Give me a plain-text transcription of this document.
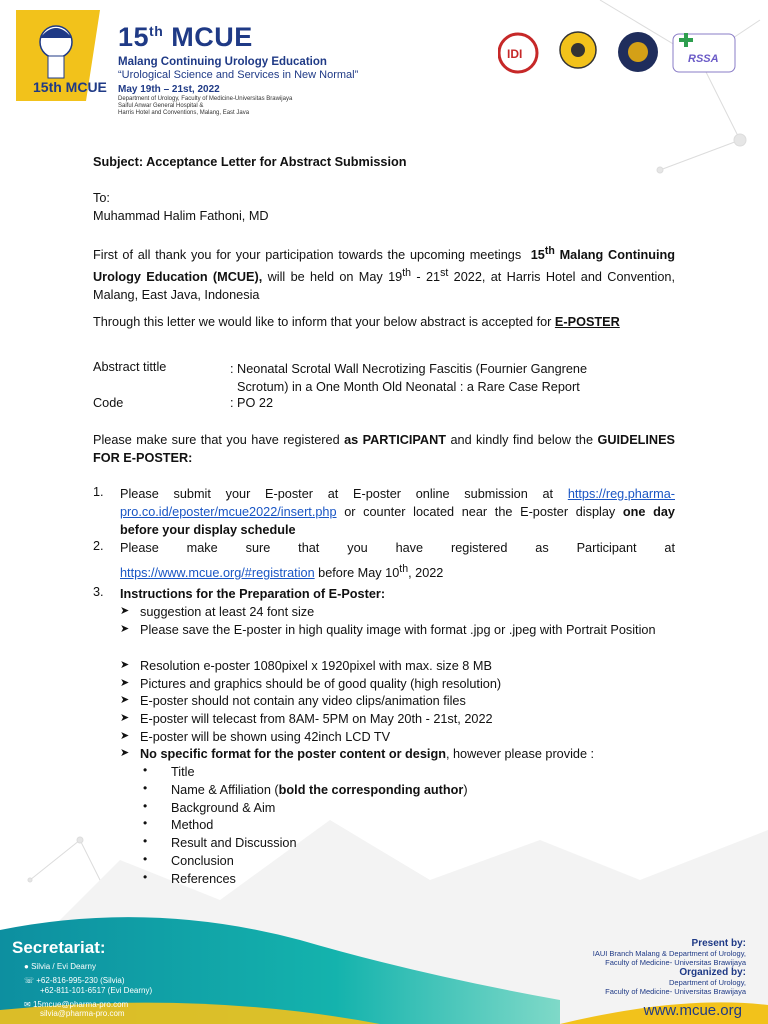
15th MCUE
15th MCUE
Malang Continuing Urology Education
“Urological Science and Services in New Normal”
May 19th – 21st, 2022
Department of Urology, Faculty of Medicine-Universitas Brawijaya
Saiful Anwar General Hospital &
Harris Hotel and Conventions, Malang, East Java
IDI	RSSA

Subject: Acceptance Letter for Abstract Submission

To:

Muhammad Halim Fathoni, MD

First of all thank you for your participation towards the upcoming meetings 15th Malang Continuing Urology Education (MCUE), will be held on May 19th - 21st 2022, at Harris Hotel and Convention, Malang, East Java, Indonesia

Through this letter we would like to inform that your below abstract is accepted for E-POSTER

Abstract tittle	: Neonatal Scrotal Wall Necrotizing Fascitis (Fournier Gangrene
Scrotum) in a One Month Old Neonatal : a Rare Case Report
Code	: PO 22

Please make sure that you have registered as PARTICIPANT and kindly find below the GUIDELINES FOR E-POSTER:

1. Please submit your E-poster at E-poster online submission at https://reg.pharma-pro.co.id/eposter/mcue2022/insert.php or counter located near the E-poster display one day before your display schedule
2. Please make sure that you have registered as Participant at
https://www.mcue.org/#registration before May 10th, 2022
3. Instructions for the Preparation of E-Poster:
➤ suggestion at least 24 font size
➤ Please save the E-poster in high quality image with format .jpg or .jpeg with Portrait Position
➤ Resolution e-poster 1080pixel x 1920pixel with max. size 8 MB
➤ Pictures and graphics should be of good quality (high resolution)
➤ E-poster should not contain any video clips/animation files
➤ E-poster will telecast from 8AM- 5PM on May 20th - 21st, 2022
➤ E-poster will be shown using 42inch LCD TV
➤ No specific format for the poster content or design, however please provide :
• Title
• Name & Affiliation (bold the corresponding author)
• Background & Aim
• Method
• Result and Discussion
• Conclusion
• References
Secretariat:
● Silvia / Evi Dearny
☏ +62-816-995-230 (Silvia)
+62-811-101-6517 (Evi Dearny)
✉ 15mcue@pharma-pro.com
silvia@pharma-pro.com
Present by:
IAUI Branch Malang & Department of Urology,
Faculty of Medicine- Universitas Brawijaya
Organized by:
Department of Urology,
Faculty of Medicine- Universitas Brawijaya
www.mcue.org
